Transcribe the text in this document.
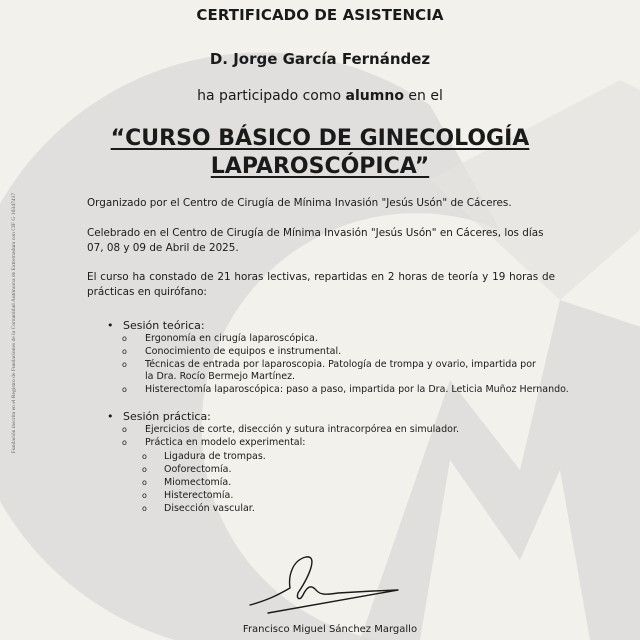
Fundación inscrita en el Registro de Fundaciones de la Comunidad Autónoma de Extremadura con CIF G 10347417
CERTIFICADO DE ASISTENCIA
D. Jorge García Fernández
ha participado como alumno en el
“CURSO BÁSICO DE GINECOLOGÍA
LAPAROSCÓPICA”
Organizado por el Centro de Cirugía de Mínima Invasión "Jesús Usón" de Cáceres.
Celebrado en el Centro de Cirugía de Mínima Invasión "Jesús Usón" en Cáceres, los días 07, 08 y 09 de Abril de 2025.
El curso ha constado de 21 horas lectivas, repartidas en 2 horas de teoría y 19 horas de prácticas en quirófano:
• Sesión teórica:
o Ergonomía en cirugía laparoscópica.
o Conocimiento de equipos e instrumental.
o Técnicas de entrada por laparoscopia. Patología de trompa y ovario, impartida por la Dra. Rocío Bermejo Martínez.
o Histerectomía laparoscópica: paso a paso, impartida por la Dra. Leticia Muñoz Hernando.
• Sesión práctica:
o Ejercicios de corte, disección y sutura intracorpórea en simulador.
o Práctica en modelo experimental:
o Ligadura de trompas.
o Ooforectomía.
o Miomectomía.
o Histerectomía.
o Disección vascular.
Francisco Miguel Sánchez Margallo
